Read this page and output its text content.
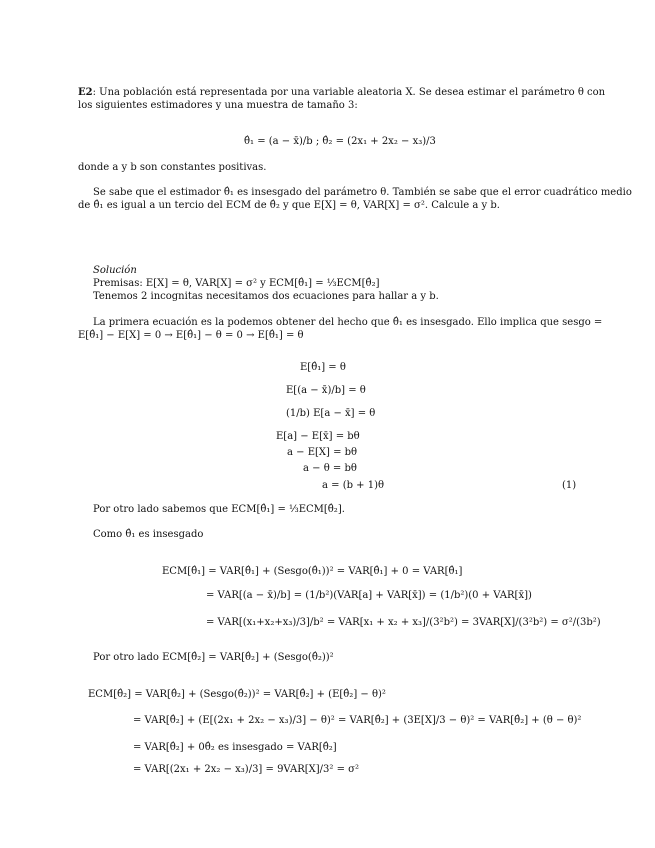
E2: Una población está representada por una variable aleatoria X. Se desea estimar el parámetro θ con
los siguientes estimadores y una muestra de tamaño 3:
θ̂₁ = (a − x̄)/b ; θ̂₂ = (2x₁ + 2x₂ − x₃)/3
donde a y b son constantes positivas.
Se sabe que el estimador θ̂₁ es insesgado del parámetro θ. También se sabe que el error cuadrático medio
de θ̂₁ es igual a un tercio del ECM de θ̂₂ y que E[X] = θ, VAR[X] = σ². Calcule a y b.
Solución
Premisas: E[X] = θ, VAR[X] = σ² y ECM[θ̂₁] = ⅓ECM[θ̂₂]
Tenemos 2 incognitas necesitamos dos ecuaciones para hallar a y b.
La primera ecuación es la podemos obtener del hecho que θ̂₁ es insesgado. Ello implica que sesgo =
E[θ̂₁] − E[X] = 0 → E[θ̂₁] − θ = 0 → E[θ̂₁] = θ
E[θ̂₁] = θ
E[(a − x̄)/b] = θ
(1/b) E[a − x̄] = θ
E[a] − E[x̄] = bθ
a − E[X] = bθ
a − θ = bθ
a = (b + 1)θ	(1)
Por otro lado sabemos que ECM[θ̂₁] = ⅓ECM[θ̂₂].
Como θ̂₁ es insesgado
ECM[θ̂₁] = VAR[θ̂₁] + (Sesgo(θ̂₁))² = VAR[θ̂₁] + 0 = VAR[θ̂₁]
= VAR[(a − x̄)/b] = (1/b²)(VAR[a] + VAR[x̄]) = (1/b²)(0 + VAR[x̄])
= VAR[(x₁+x₂+x₃)/3]/b² = VAR[x₁ + x₂ + x₃]/(3²b²) = 3VAR[X]/(3²b²) = σ²/(3b²)
Por otro lado ECM[θ̂₂] = VAR[θ̂₂] + (Sesgo(θ̂₂))²
ECM[θ̂₂] = VAR[θ̂₂] + (Sesgo(θ̂₂))² = VAR[θ̂₂] + (E[θ̂₂] − θ)²
= VAR[θ̂₂] + (E[(2x₁ + 2x₂ − x₃)/3] − θ)² = VAR[θ̂₂] + (3E[X]/3 − θ)² = VAR[θ̂₂] + (θ − θ)²
= VAR[θ̂₂] + 0θ̂₂ es insesgado = VAR[θ̂₂]
= VAR[(2x₁ + 2x₂ − x₃)/3] = 9VAR[X]/3² = σ²
